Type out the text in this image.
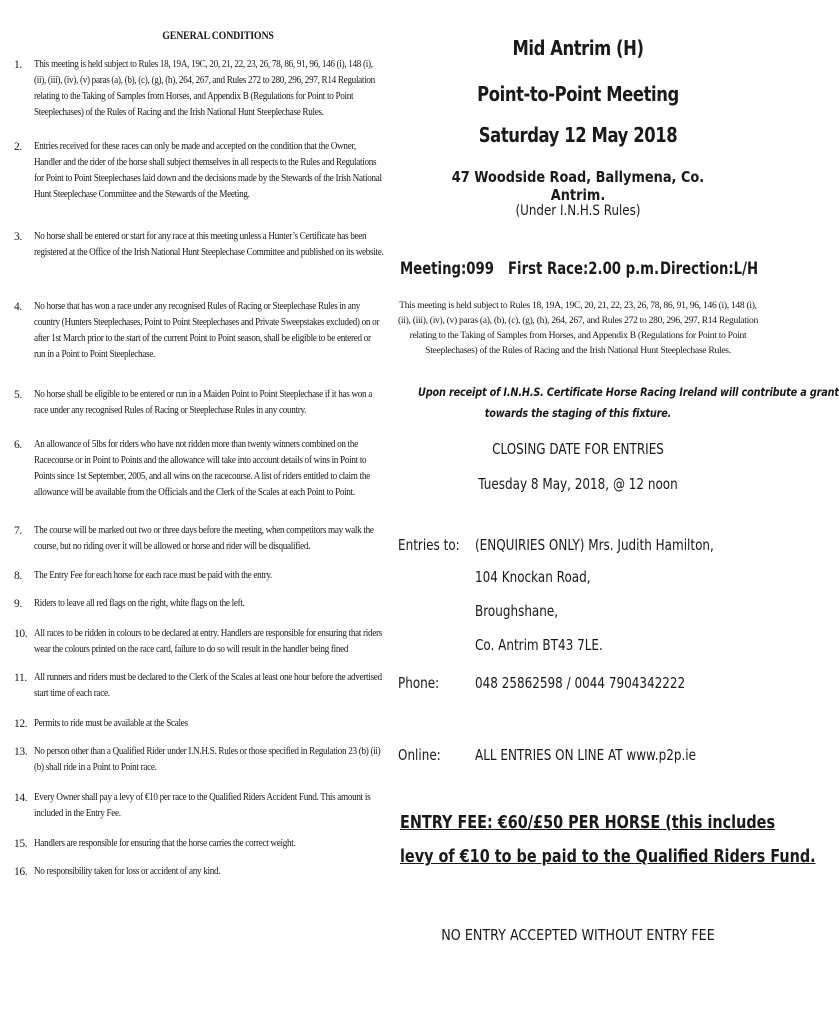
GENERAL CONDITIONS
1. This meeting is held subject to Rules 18, 19A, 19C, 20, 21, 22, 23, 26, 78, 86, 91, 96, 146 (i), 148 (i), (ii), (iii), (iv), (v) paras (a), (b), (c), (g), (h), 264, 267, and Rules 272 to 280, 296, 297, R14 Regulation relating to the Taking of Samples from Horses, and Appendix B (Regulations for Point to Point Steeplechases) of the Rules of Racing and the Irish National Hunt Steeplechase Rules.
2. Entries received for these races can only be made and accepted on the condition that the Owner, Handler and the rider of the horse shall subject themselves in all respects to the Rules and Regulations for Point to Point Steeplechases laid down and the decisions made by the Stewards of the Irish National Hunt Steeplechase Committee and the Stewards of the Meeting.
3. No horse shall be entered or start for any race at this meeting unless a Hunter’s Certificate has been registered at the Office of the Irish National Hunt Steeplechase Committee and published on its website.
4. No horse that has won a race under any recognised Rules of Racing or Steeplechase Rules in any country (Hunters Steeplechases, Point to Point Steeplechases and Private Sweepstakes excluded) on or after 1st March prior to the start of the current Point to Point season, shall be eligible to be entered or run in a Point to Point Steeplechase.
5. No horse shall be eligible to be entered or run in a Maiden Point to Point Steeplechase if it has won a race under any recognised Rules of Racing or Steeplechase Rules in any country.
6. An allowance of 5lbs for riders who have not ridden more than twenty winners combined on the Racecourse or in Point to Points and the allowance will take into account details of wins in Point to Points since 1st September, 2005, and all wins on the racecourse. A list of riders entitled to claim the allowance will be available from the Officials and the Clerk of the Scales at each Point to Point.
7. The course will be marked out two or three days before the meeting, when competitors may walk the course, but no riding over it will be allowed or horse and rider will be disqualified.
8. The Entry Fee for each horse for each race must be paid with the entry.
9. Riders to leave all red flags on the right, white flags on the left.
10. All races to be ridden in colours to be declared at entry. Handlers are responsible for ensuring that riders wear the colours printed on the race card, failure to do so will result in the handler being fined
11. All runners and riders must be declared to the Clerk of the Scales at least one hour before the advertised start time of each race.
12. Permits to ride must be available at the Scales
13. No person other than a Qualified Rider under I.N.H.S. Rules or those specified in Regulation 23 (b) (ii) (b) shall ride in a Point to Point race.
14. Every Owner shall pay a levy of €10 per race to the Qualified Riders Accident Fund. This amount is included in the Entry Fee.
15. Handlers are responsible for ensuring that the horse carries the correct weight.
16. No responsibility taken for loss or accident of any kind.
Mid Antrim (H)
Point-to-Point Meeting
Saturday 12 May 2018
47 Woodside Road, Ballymena, Co. Antrim.
(Under I.N.H.S Rules)
Meeting:099 First Race:2.00 p.m. Direction:L/H
This meeting is held subject to Rules 18, 19A, 19C, 20, 21, 22, 23, 26, 78, 86, 91, 96, 146 (i), 148 (i), (ii), (iii), (iv), (v) paras (a), (b), (c), (g), (h), 264, 267, and Rules 272 to 280, 296, 297, R14 Regulation relating to the Taking of Samples from Horses, and Appendix B (Regulations for Point to Point Steeplechases) of the Rules of Racing and the Irish National Hunt Steeplechase Rules.
Upon receipt of I.N.H.S. Certificate Horse Racing Ireland will contribute a grant
towards the staging of this fixture.
CLOSING DATE FOR ENTRIES
Tuesday 8 May, 2018, @ 12 noon
Entries to: (ENQUIRIES ONLY) Mrs. Judith Hamilton,
104 Knockan Road,
Broughshane,
Co. Antrim BT43 7LE.
Phone: 048 25862598 / 0044 7904342222
Online: ALL ENTRIES ON LINE AT www.p2p.ie
ENTRY FEE: €60/£50 PER HORSE (this includes
levy of €10 to be paid to the Qualified Riders Fund.
NO ENTRY ACCEPTED WITHOUT ENTRY FEE
